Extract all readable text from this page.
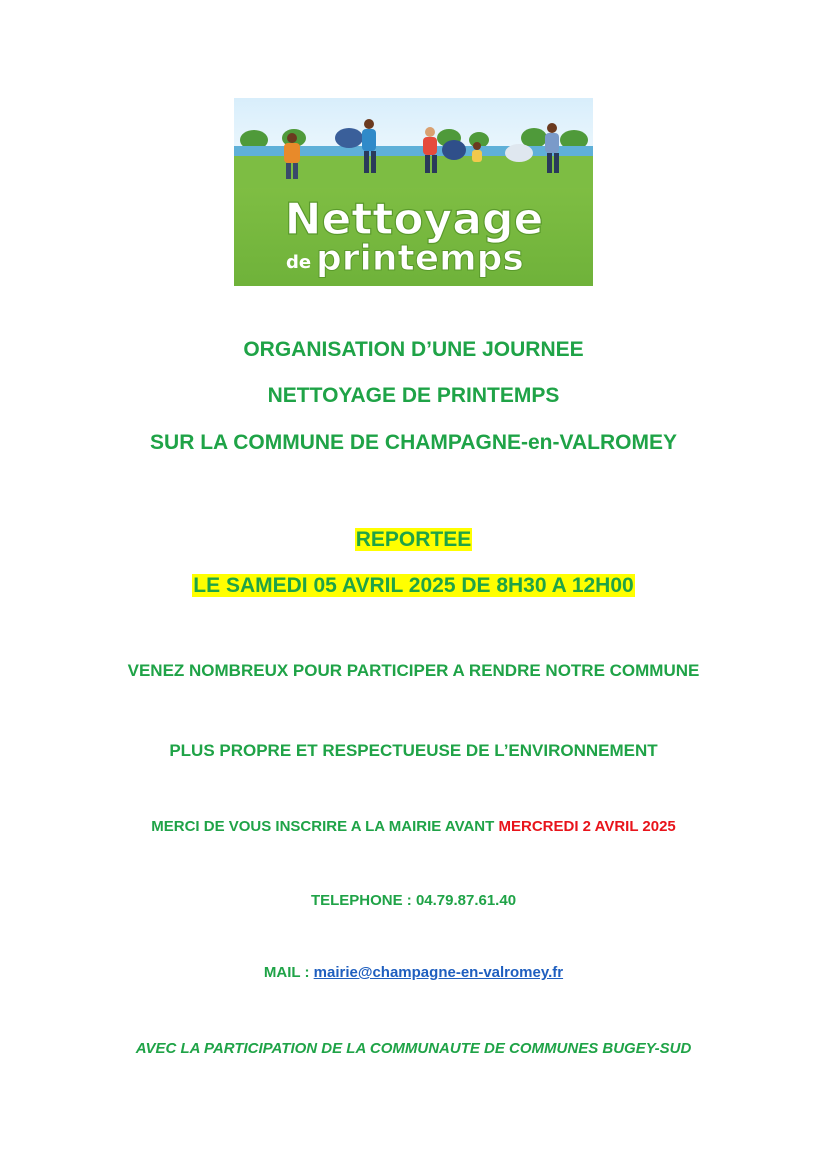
Nettoyage
de printemps
ORGANISATION D’UNE JOURNEE
NETTOYAGE DE PRINTEMPS
SUR LA COMMUNE DE CHAMPAGNE-en-VALROMEY
REPORTEE
LE SAMEDI 05 AVRIL 2025 DE 8H30 A 12H00
VENEZ NOMBREUX POUR PARTICIPER A RENDRE NOTRE COMMUNE
PLUS PROPRE ET RESPECTUEUSE DE L’ENVIRONNEMENT
MERCI DE VOUS INSCRIRE A LA MAIRIE AVANT MERCREDI 2 AVRIL 2025
TELEPHONE : 04.79.87.61.40
MAIL : mairie@champagne-en-valromey.fr
AVEC LA PARTICIPATION DE LA COMMUNAUTE DE COMMUNES BUGEY-SUD
